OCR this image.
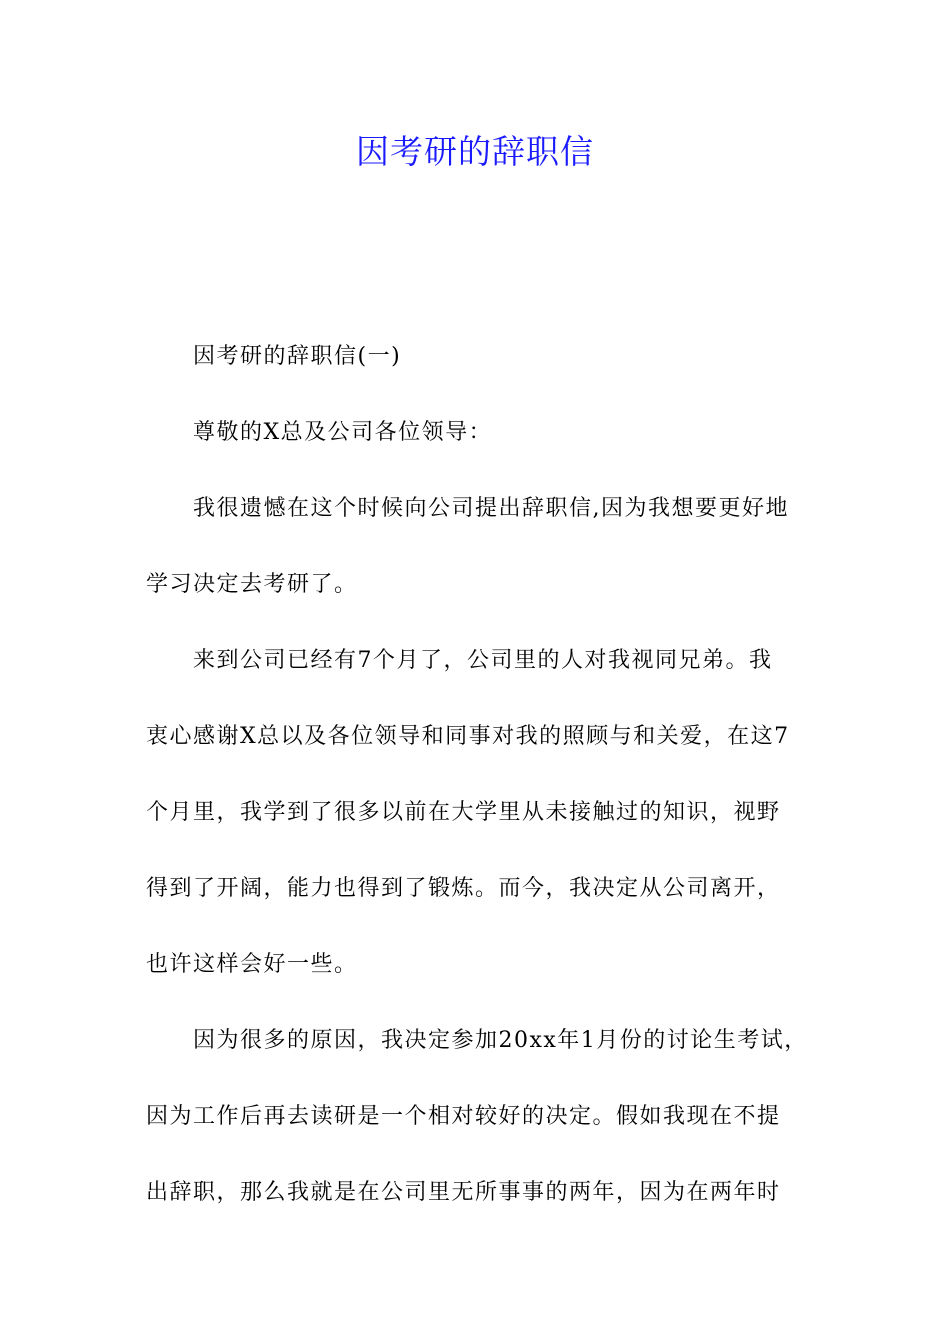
因考研的辞职信
因考研的辞职信(一)
尊敬的X总及公司各位领导：
我很遗憾在这个时候向公司提出辞职信,因为我想要更好地
学习决定去考研了。
来到公司已经有7个月了，公司里的人对我视同兄弟。我
衷心感谢X总以及各位领导和同事对我的照顾与和关爱，在这7
个月里，我学到了很多以前在大学里从未接触过的知识，视野
得到了开阔，能力也得到了锻炼。而今，我决定从公司离开，
也许这样会好一些。
因为很多的原因，我决定参加20xx年1月份的讨论生考试，
因为工作后再去读研是一个相对较好的决定。假如我现在不提
出辞职，那么我就是在公司里无所事事的两年，因为在两年时
